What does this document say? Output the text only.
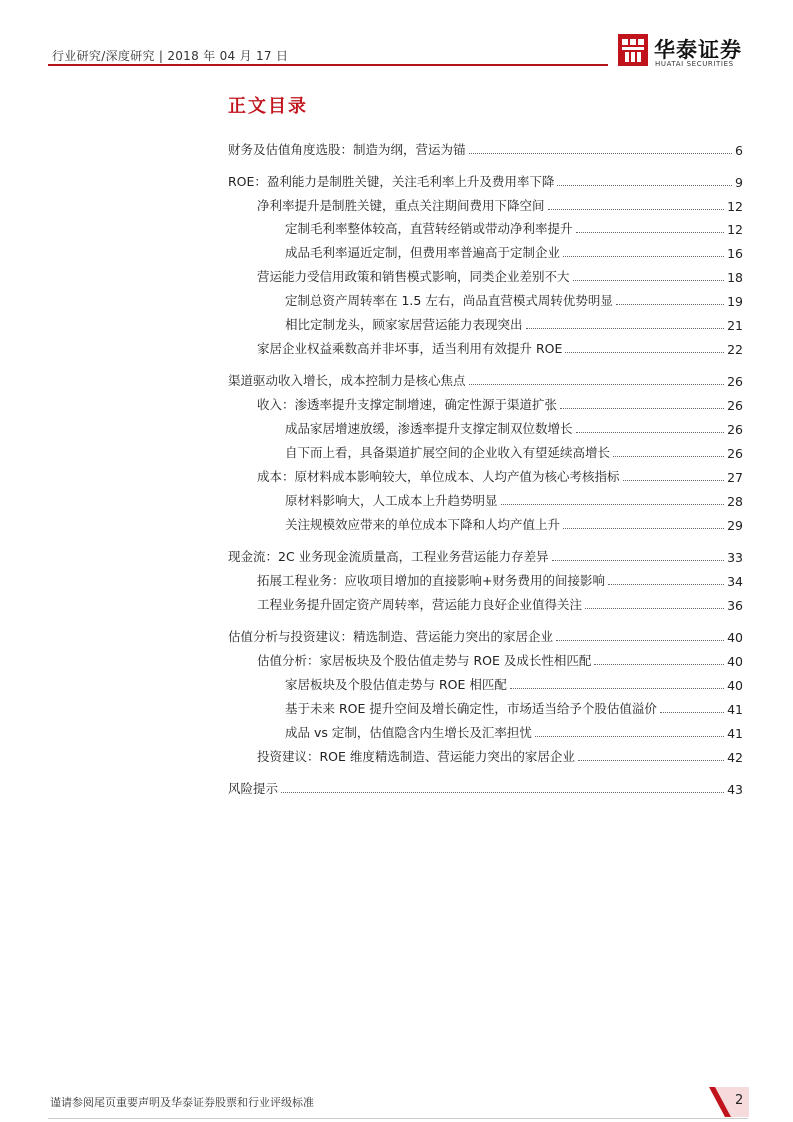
行业研究/深度研究 | 2018 年 04 月 17 日	华泰证券
HUATAI SECURITIES
正文目录
财务及估值角度选股：制造为纲，营运为锚	6
ROE：盈利能力是制胜关键，关注毛利率上升及费用率下降	9
净利率提升是制胜关键，重点关注期间费用下降空间	12
定制毛利率整体较高，直营转经销或带动净利率提升	12
成品毛利率逼近定制，但费用率普遍高于定制企业	16
营运能力受信用政策和销售模式影响，同类企业差别不大	18
定制总资产周转率在 1.5 左右，尚品直营模式周转优势明显	19
相比定制龙头，顾家家居营运能力表现突出	21
家居企业权益乘数高并非坏事，适当利用有效提升 ROE	22
渠道驱动收入增长，成本控制力是核心焦点	26
收入：渗透率提升支撑定制增速，确定性源于渠道扩张	26
成品家居增速放缓，渗透率提升支撑定制双位数增长	26
自下而上看，具备渠道扩展空间的企业收入有望延续高增长	26
成本：原材料成本影响较大，单位成本、人均产值为核心考核指标	27
原材料影响大，人工成本上升趋势明显	28
关注规模效应带来的单位成本下降和人均产值上升	29
现金流：2C 业务现金流质量高，工程业务营运能力存差异	33
拓展工程业务：应收项目增加的直接影响+财务费用的间接影响	34
工程业务提升固定资产周转率，营运能力良好企业值得关注	36
估值分析与投资建议：精选制造、营运能力突出的家居企业	40
估值分析：家居板块及个股估值走势与 ROE 及成长性相匹配	40
家居板块及个股估值走势与 ROE 相匹配	40
基于未来 ROE 提升空间及增长确定性，市场适当给予个股估值溢价	41
成品 vs 定制，估值隐含内生增长及汇率担忧	41
投资建议：ROE 维度精选制造、营运能力突出的家居企业	42
风险提示	43
谨请参阅尾页重要声明及华泰证券股票和行业评级标准	2
